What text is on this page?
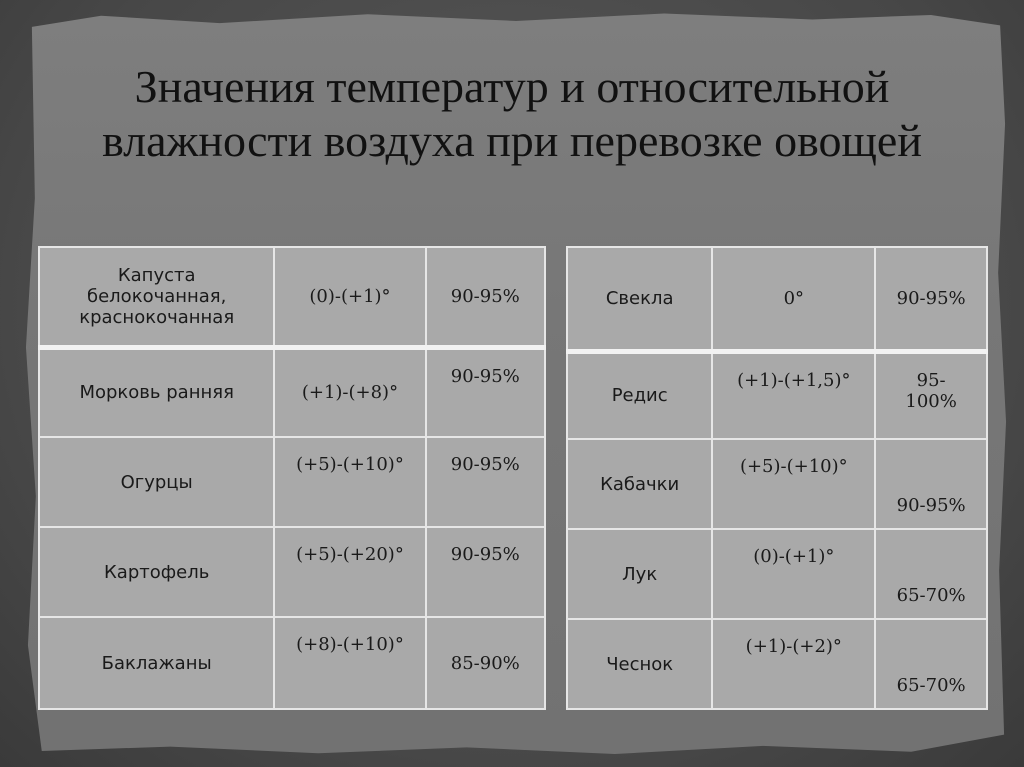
Значения температур и относительной влажности воздуха при перевозке овощей
Капуста белокочанная, краснокочанная	(0)-(+1)°	90-95%
Морковь ранняя	(+1)-(+8)°	90-95%
Огурцы	(+5)-(+10)°	90-95%
Картофель	(+5)-(+20)°	90-95%
Баклажаны	(+8)-(+10)°	85-90%
Свекла	0°	90-95%
Редис	(+1)-(+1,5)°	95-100%
Кабачки	(+5)-(+10)°	90-95%
Лук	(0)-(+1)°	65-70%
Чеснок	(+1)-(+2)°	65-70%
